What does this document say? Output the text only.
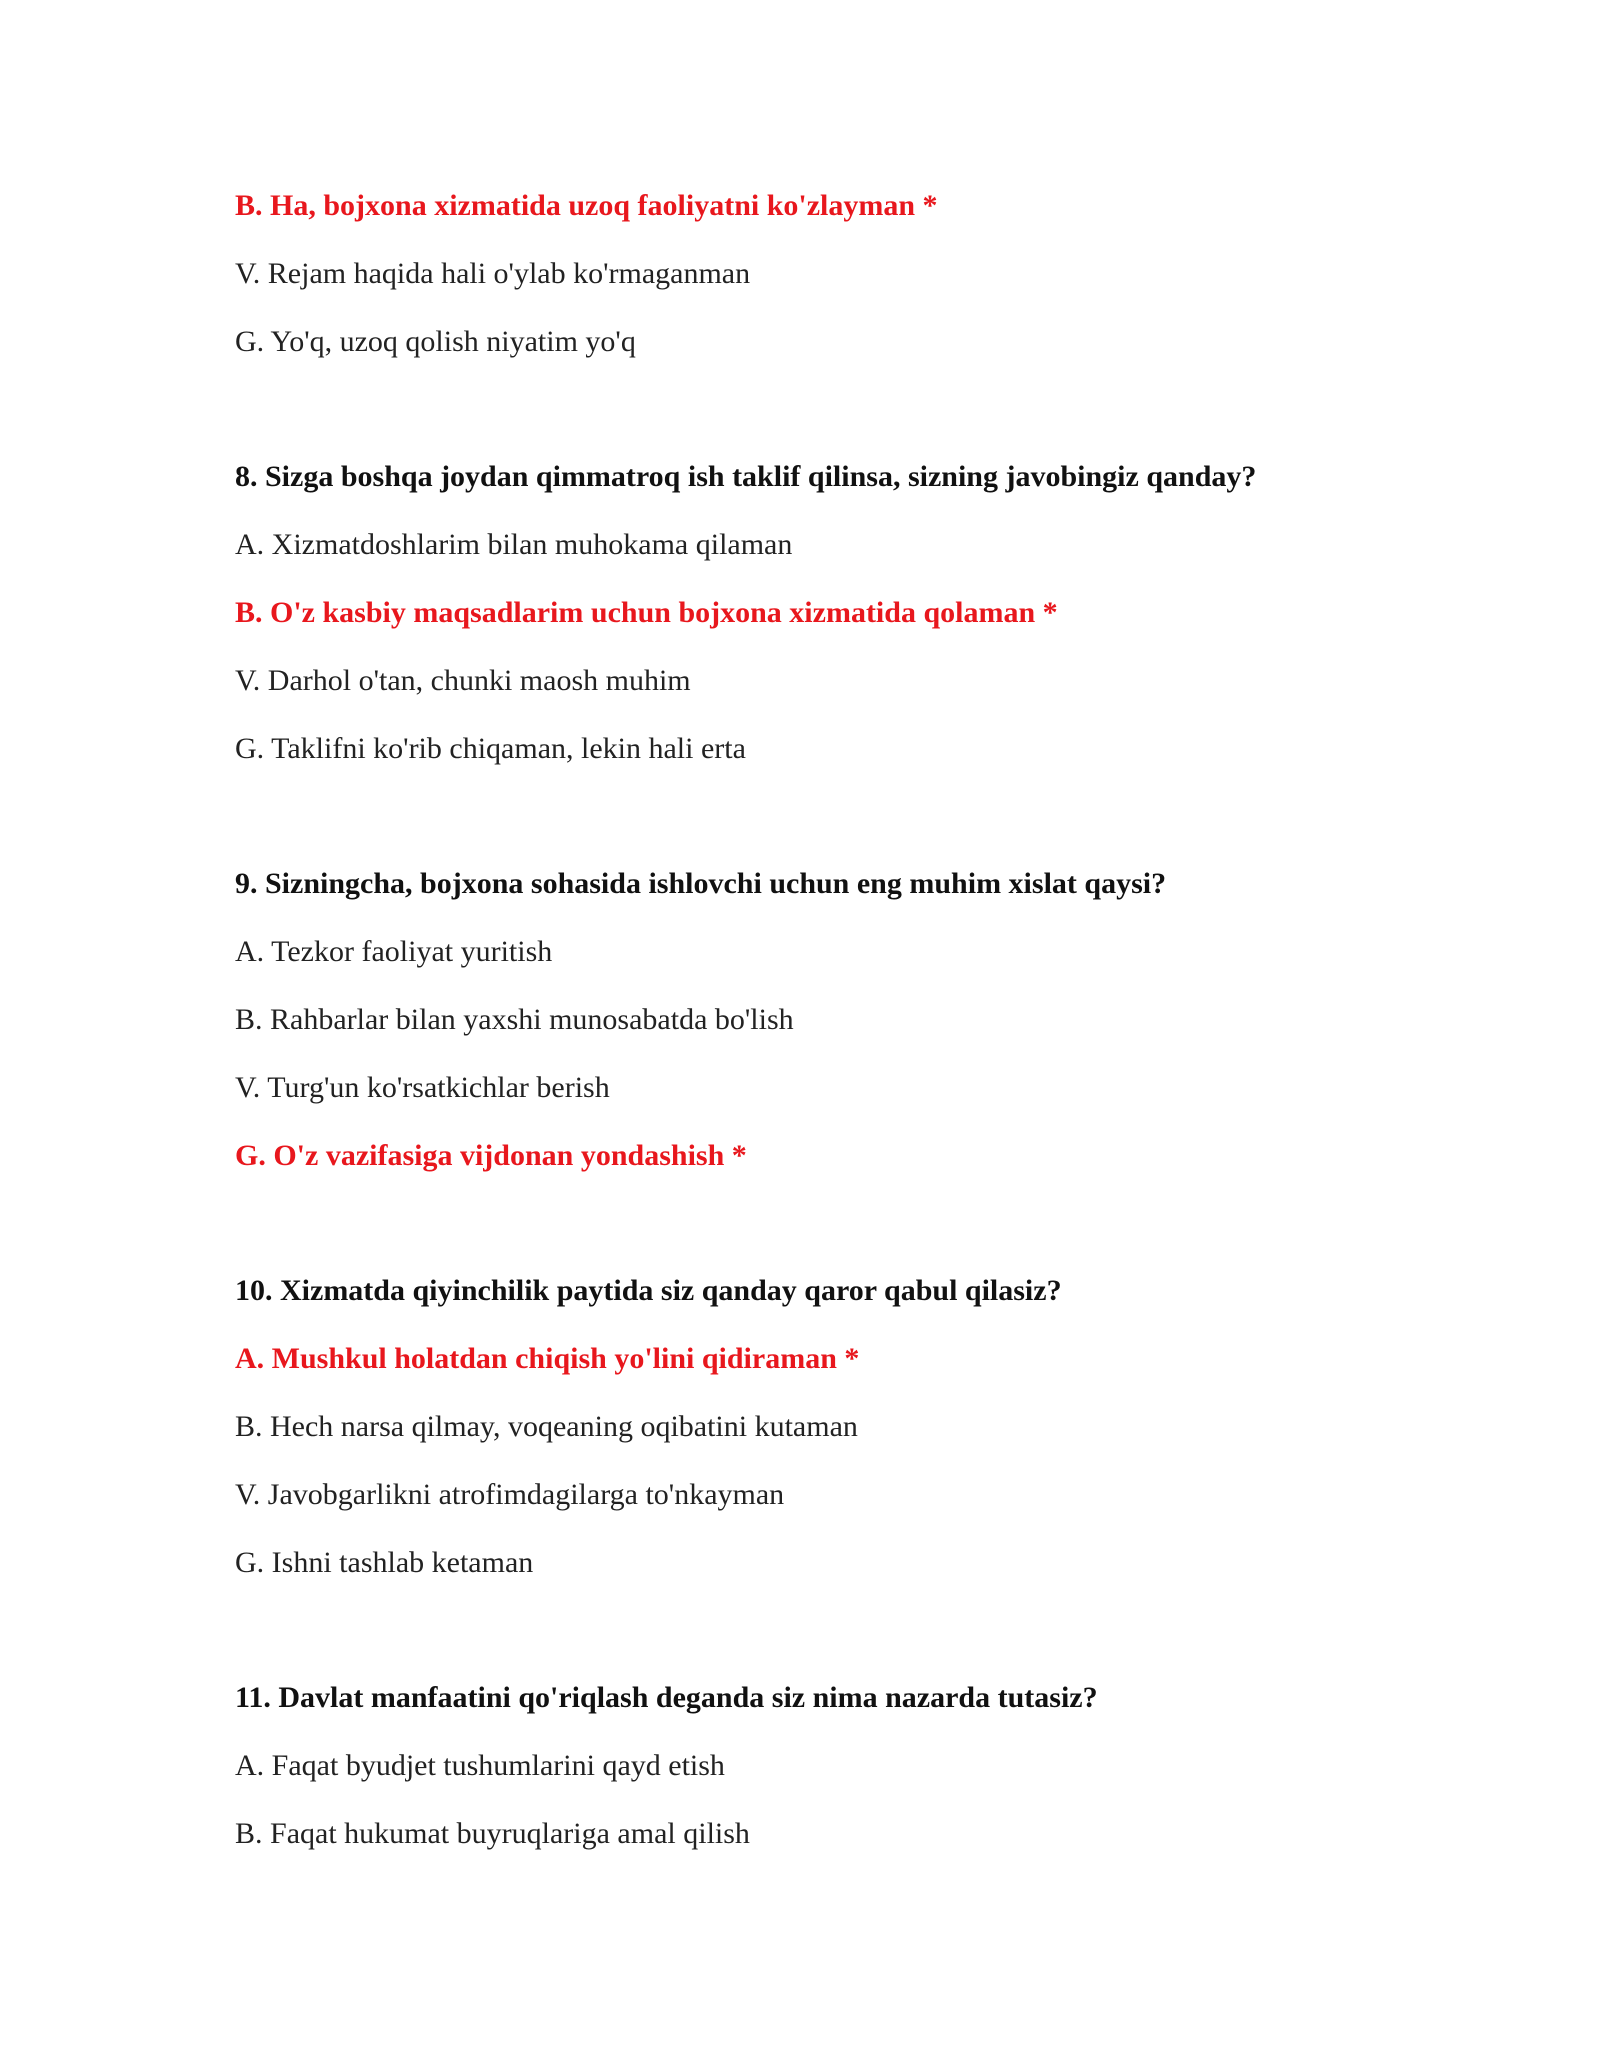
B. Ha, bojxona xizmatida uzoq faoliyatni ko'zlayman *
V. Rejam haqida hali o'ylab ko'rmaganman
G. Yo'q, uzoq qolish niyatim yo'q
8. Sizga boshqa joydan qimmatroq ish taklif qilinsa, sizning javobingiz qanday?
A. Xizmatdoshlarim bilan muhokama qilaman
B. O'z kasbiy maqsadlarim uchun bojxona xizmatida qolaman *
V. Darhol o'tan, chunki maosh muhim
G. Taklifni ko'rib chiqaman, lekin hali erta
9. Sizningcha, bojxona sohasida ishlovchi uchun eng muhim xislat qaysi?
A. Tezkor faoliyat yuritish
B. Rahbarlar bilan yaxshi munosabatda bo'lish
V. Turg'un ko'rsatkichlar berish
G. O'z vazifasiga vijdonan yondashish *
10. Xizmatda qiyinchilik paytida siz qanday qaror qabul qilasiz?
A. Mushkul holatdan chiqish yo'lini qidiraman *
B. Hech narsa qilmay, voqeaning oqibatini kutaman
V. Javobgarlikni atrofimdagilarga to'nkayman
G. Ishni tashlab ketaman
11. Davlat manfaatini qo'riqlash deganda siz nima nazarda tutasiz?
A. Faqat byudjet tushumlarini qayd etish
B. Faqat hukumat buyruqlariga amal qilish
